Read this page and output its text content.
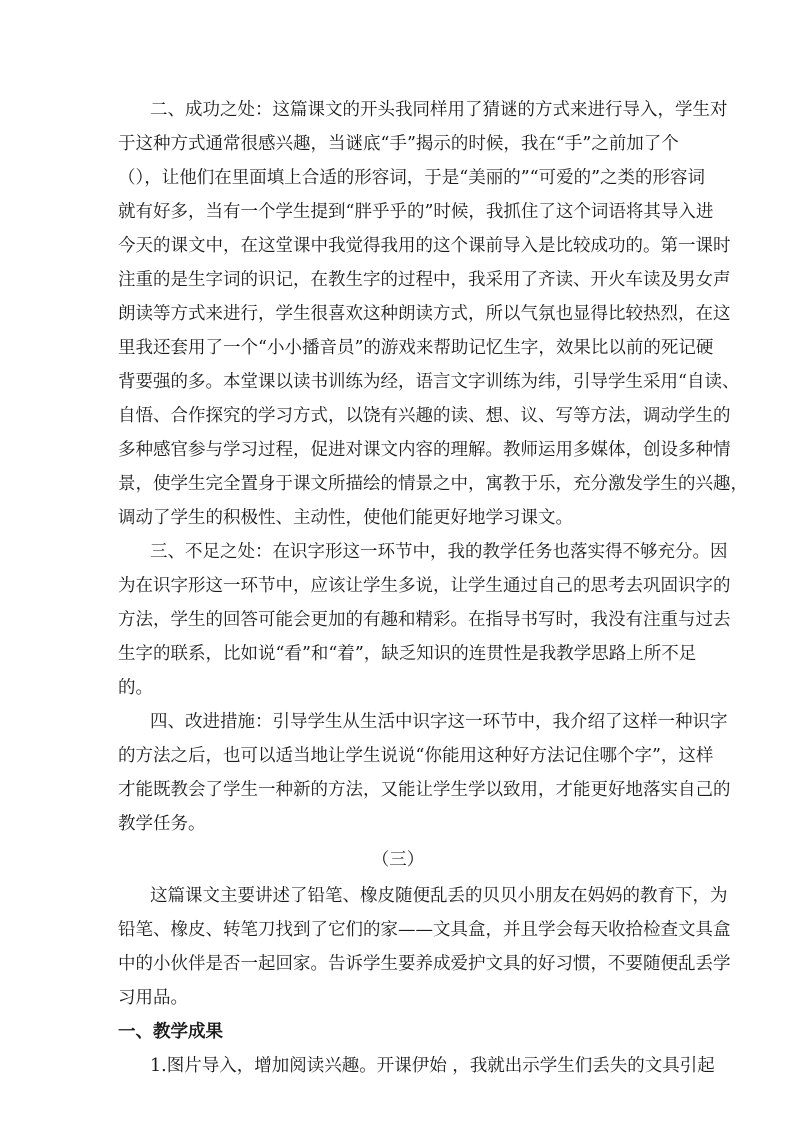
二、成功之处：这篇课文的开头我同样用了猜谜的方式来进行导入，学生对
于这种方式通常很感兴趣，当谜底“手”揭示的时候，我在“手”之前加了个
（），让他们在里面填上合适的形容词，于是“美丽的”“可爱的”之类的形容词
就有好多，当有一个学生提到“胖乎乎的”时候，我抓住了这个词语将其导入进
今天的课文中，在这堂课中我觉得我用的这个课前导入是比较成功的。第一课时
注重的是生字词的识记，在教生字的过程中，我采用了齐读、开火车读及男女声
朗读等方式来进行，学生很喜欢这种朗读方式，所以气氛也显得比较热烈，在这
里我还套用了一个“小小播音员”的游戏来帮助记忆生字，效果比以前的死记硬
背要强的多。本堂课以读书训练为经，语言文字训练为纬，引导学生采用“自读、
自悟、合作探究的学习方式，以饶有兴趣的读、想、议、写等方法，调动学生的
多种感官参与学习过程，促进对课文内容的理解。教师运用多媒体，创设多种情
景，使学生完全置身于课文所描绘的情景之中，寓教于乐，充分激发学生的兴趣，
调动了学生的积极性、主动性，使他们能更好地学习课文。
三、不足之处：在识字形这一环节中，我的教学任务也落实得不够充分。因
为在识字形这一环节中，应该让学生多说，让学生通过自己的思考去巩固识字的
方法，学生的回答可能会更加的有趣和精彩。在指导书写时，我没有注重与过去
生字的联系，比如说“看”和“着”，缺乏知识的连贯性是我教学思路上所不足
的。
四、改进措施：引导学生从生活中识字这一环节中，我介绍了这样一种识字
的方法之后，也可以适当地让学生说说“你能用这种好方法记住哪个字”，这样
才能既教会了学生一种新的方法，又能让学生学以致用，才能更好地落实自己的
教学任务。
（三）
这篇课文主要讲述了铅笔、橡皮随便乱丢的贝贝小朋友在妈妈的教育下，为
铅笔、橡皮、转笔刀找到了它们的家——文具盒，并且学会每天收拾检查文具盒
中的小伙伴是否一起回家。告诉学生要养成爱护文具的好习惯，不要随便乱丢学
习用品。
一、教学成果
1.图片导入，增加阅读兴趣。开课伊始 ，我就出示学生们丢失的文具引起
